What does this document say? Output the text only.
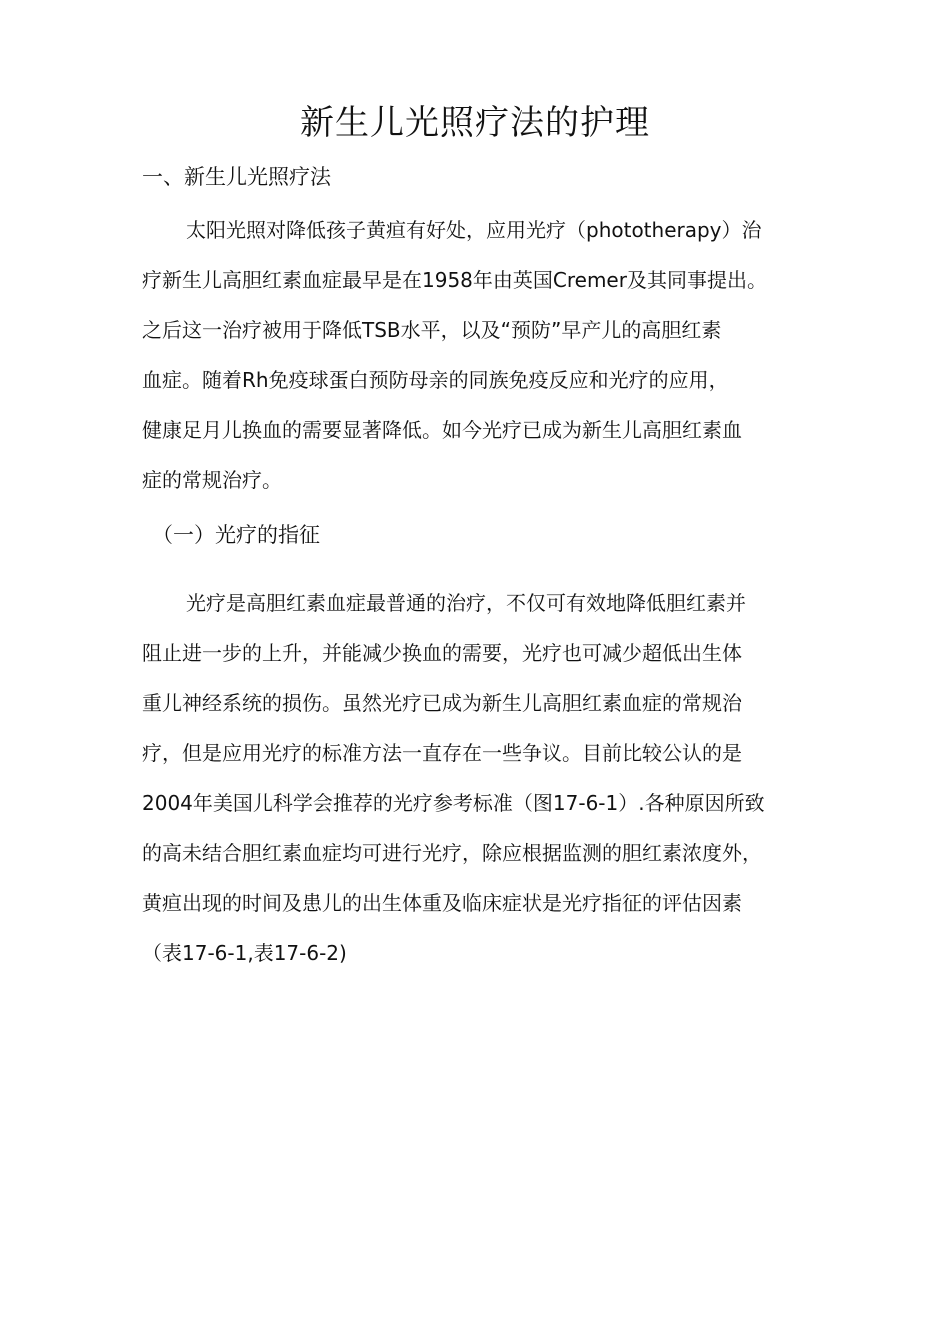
新生儿光照疗法的护理
一、新生儿光照疗法
太阳光照对降低孩子黄疸有好处，应用光疗（phototherapy）治
疗新生儿高胆红素血症最早是在1958年由英国Cremer及其同事提出。
之后这一治疗被用于降低TSB水平，以及“预防”早产儿的高胆红素
血症。随着Rh免疫球蛋白预防母亲的同族免疫反应和光疗的应用，
健康足月儿换血的需要显著降低。如今光疗已成为新生儿高胆红素血
症的常规治疗。
（一）光疗的指征
光疗是高胆红素血症最普通的治疗，不仅可有效地降低胆红素并
阻止进一步的上升，并能减少换血的需要，光疗也可减少超低出生体
重儿神经系统的损伤。虽然光疗已成为新生儿高胆红素血症的常规治
疗，但是应用光疗的标准方法一直存在一些争议。目前比较公认的是
2004年美国儿科学会推荐的光疗参考标准（图17-6-1）.各种原因所致
的高未结合胆红素血症均可进行光疗，除应根据监测的胆红素浓度外，
黄疸出现的时间及患儿的出生体重及临床症状是光疗指征的评估因素
（表17-6-1,表17-6-2)
